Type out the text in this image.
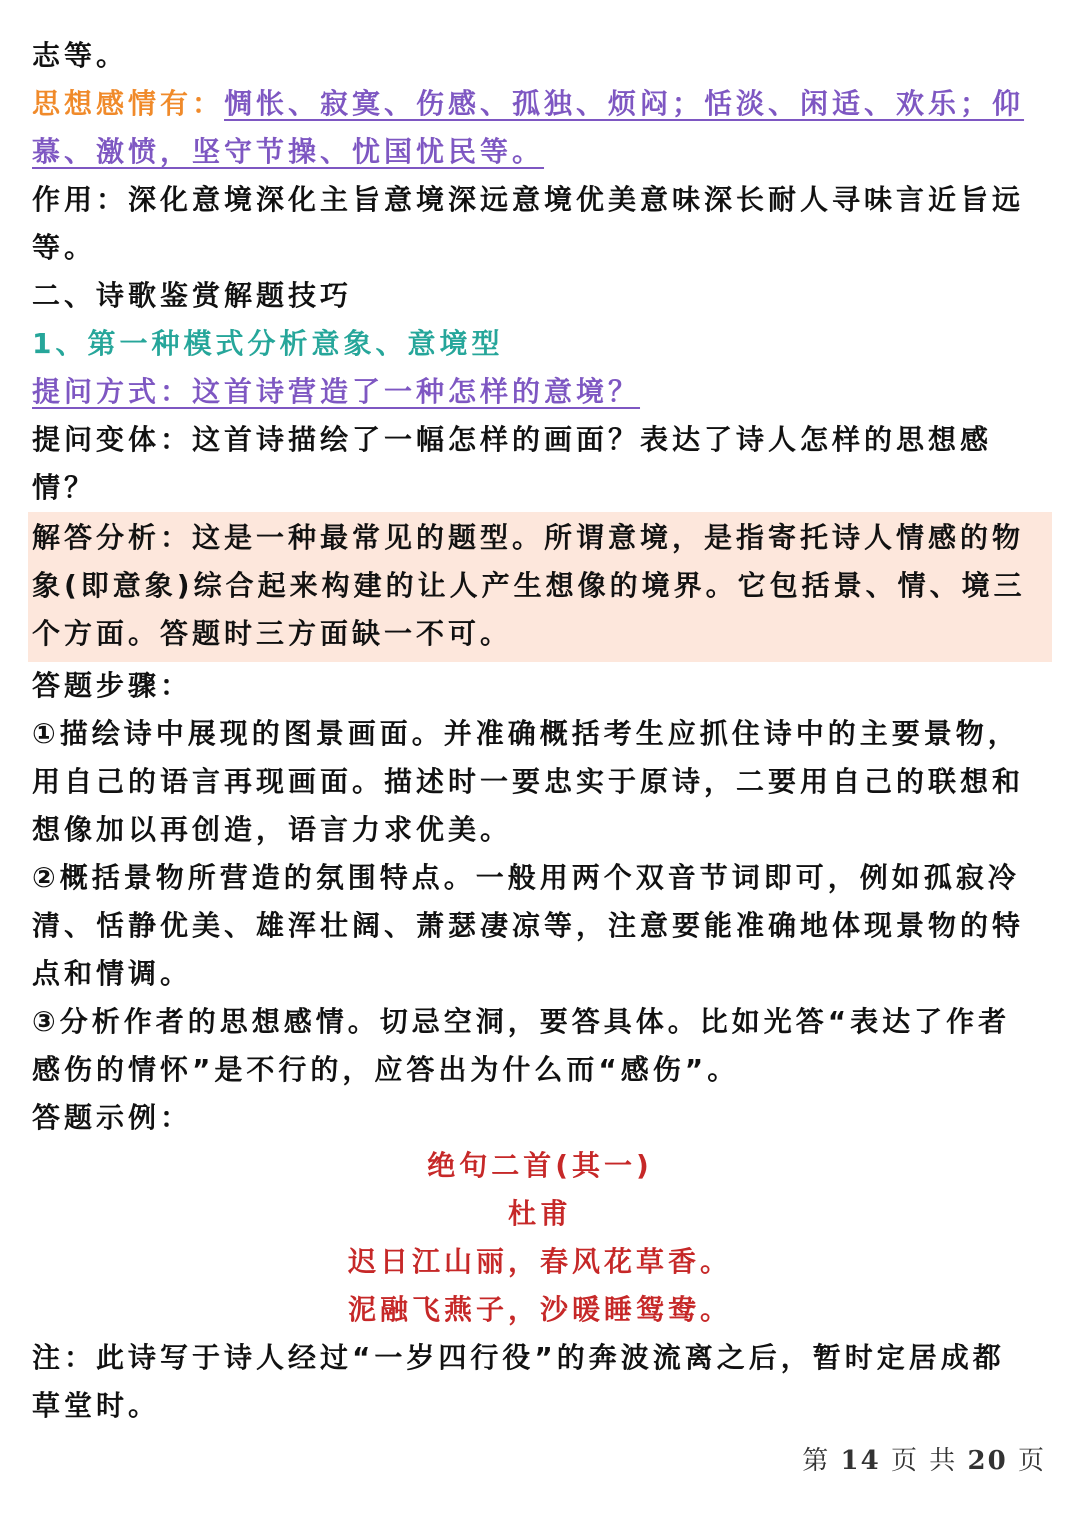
志等。

思想感情有：惆怅、寂寞、伤感、孤独、烦闷；恬淡、闲适、欢乐；仰

慕、激愤，坚守节操、忧国忧民等。

作用：深化意境深化主旨意境深远意境优美意味深长耐人寻味言近旨远

等。

二、诗歌鉴赏解题技巧

1、第一种模式分析意象、意境型

提问方式：这首诗营造了一种怎样的意境？

提问变体：这首诗描绘了一幅怎样的画面？表达了诗人怎样的思想感

情？

解答分析：这是一种最常见的题型。所谓意境，是指寄托诗人情感的物

象(即意象)综合起来构建的让人产生想像的境界。它包括景、情、境三

个方面。答题时三方面缺一不可。

答题步骤：

①描绘诗中展现的图景画面。并准确概括考生应抓住诗中的主要景物，

用自己的语言再现画面。描述时一要忠实于原诗，二要用自己的联想和

想像加以再创造，语言力求优美。

②概括景物所营造的氛围特点。一般用两个双音节词即可，例如孤寂冷

清、恬静优美、雄浑壮阔、萧瑟凄凉等，注意要能准确地体现景物的特

点和情调。

③分析作者的思想感情。切忌空洞，要答具体。比如光答“表达了作者

感伤的情怀”是不行的，应答出为什么而“感伤”。

答题示例：

绝句二首(其一)

杜甫

迟日江山丽，春风花草香。

泥融飞燕子，沙暖睡鸳鸯。

注：此诗写于诗人经过“一岁四行役”的奔波流离之后，暂时定居成都

草堂时。

第 14 页 共 20 页
